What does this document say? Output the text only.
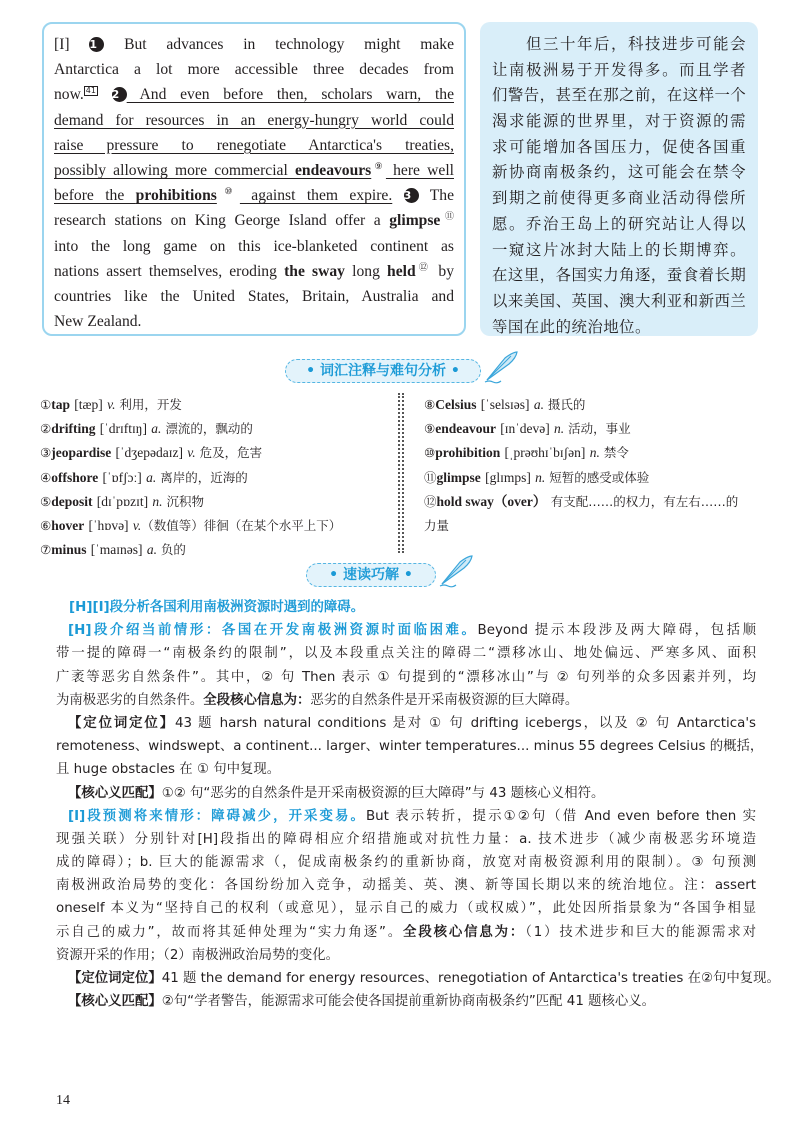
[I] 1 But advances in technology might make
Antarctica a lot more accessible three decades from
now. 41 2 And even before then, scholars warn, the
demand for resources in an energy-hungry world could
raise pressure to renegotiate Antarctica's treaties,
possibly allowing more commercial endeavours⑨ here well
before the prohibitions⑩ against them expire. 3 The
research stations on King George Island offer a glimpse⑪
into the long game on this ice-blanketed continent as
nations assert themselves, eroding the sway long held⑫ by
countries like the United States, Britain, Australia and
New Zealand.
　　但三十年后，科技进步可能会
让南极洲易于开发得多。而且学者
们警告，甚至在那之前，在这样一个
渴求能源的世界里，对于资源的需
求可能增加各国压力，促使各国重
新协商南极条约，这可能会在禁令
到期之前使得更多商业活动得偿所
愿。乔治王岛上的研究站让人得以
一窥这片冰封大陆上的长期博弈。
在这里，各国实力角逐，蚕食着长期
以来美国、英国、澳大利亚和新西兰
等国在此的统治地位。
• 词汇注释与难句分析 •
①tap [tæp] v. 利用，开发
②drifting [ˈdrɪftɪŋ] a. 漂流的，飘动的
③jeopardise [ˈdʒepədaɪz] v. 危及，危害
④offshore [ˈɒfʃɔː] a. 离岸的，近海的
⑤deposit [dɪˈpɒzɪt] n. 沉积物
⑥hover [ˈhɒvə] v.（数值等）徘徊（在某个水平上下）
⑦minus [ˈmaɪnəs] a. 负的
⑧Celsius [ˈselsɪəs] a. 摄氏的
⑨endeavour [ɪnˈdevə] n. 活动，事业
⑩prohibition [ˌprəʊhɪˈbɪʃən] n. 禁令
⑪glimpse [glɪmps] n. 短暂的感受或体验
⑫hold sway（over） 有支配……的权力，有左右……的
力量
• 速读巧解 •
[H][I]段分析各国利用南极洲资源时遇到的障碍。
[H]段介绍当前情形：各国在开发南极洲资源时面临困难。Beyond 提示本段涉及两大障碍，包括顺
带一提的障碍一“南极条约的限制”，以及本段重点关注的障碍二“漂移冰山、地处偏远、严寒多风、面积
广袤等恶劣自然条件”。其中，② 句 Then 表示 ① 句提到的“漂移冰山”与 ② 句列举的众多因素并列，均
为南极恶劣的自然条件。全段核心信息为：恶劣的自然条件是开采南极资源的巨大障碍。
【定位词定位】43 题 harsh natural conditions 是对 ① 句 drifting icebergs，以及 ② 句 Antarctica's
remoteness、windswept、a continent... larger、winter temperatures... minus 55 degrees Celsius 的概括，
且 huge obstacles 在 ① 句中复现。
【核心义匹配】①② 句“恶劣的自然条件是开采南极资源的巨大障碍”与 43 题核心义相符。
[I]段预测将来情形：障碍减少，开采变易。But 表示转折，提示①②句（借 And even before then 实
现强关联）分别针对[H]段指出的障碍相应介绍措施或对抗性力量：a. 技术进步（减少南极恶劣环境造
成的障碍）；b. 巨大的能源需求（，促成南极条约的重新协商，放宽对南极资源利用的限制）。③ 句预测
南极洲政治局势的变化：各国纷纷加入竞争，动摇美、英、澳、新等国长期以来的统治地位。注：assert
oneself 本义为“坚持自己的权利（或意见），显示自己的威力（或权威）”，此处因所指景象为“各国争相显
示自己的威力”，故而将其延伸处理为“实力角逐”。全段核心信息为：（1）技术进步和巨大的能源需求对
资源开采的作用；（2）南极洲政治局势的变化。
【定位词定位】41 题 the demand for energy resources、renegotiation of Antarctica's treaties 在②句中复现。
【核心义匹配】②句“学者警告，能源需求可能会使各国提前重新协商南极条约”匹配 41 题核心义。
14
